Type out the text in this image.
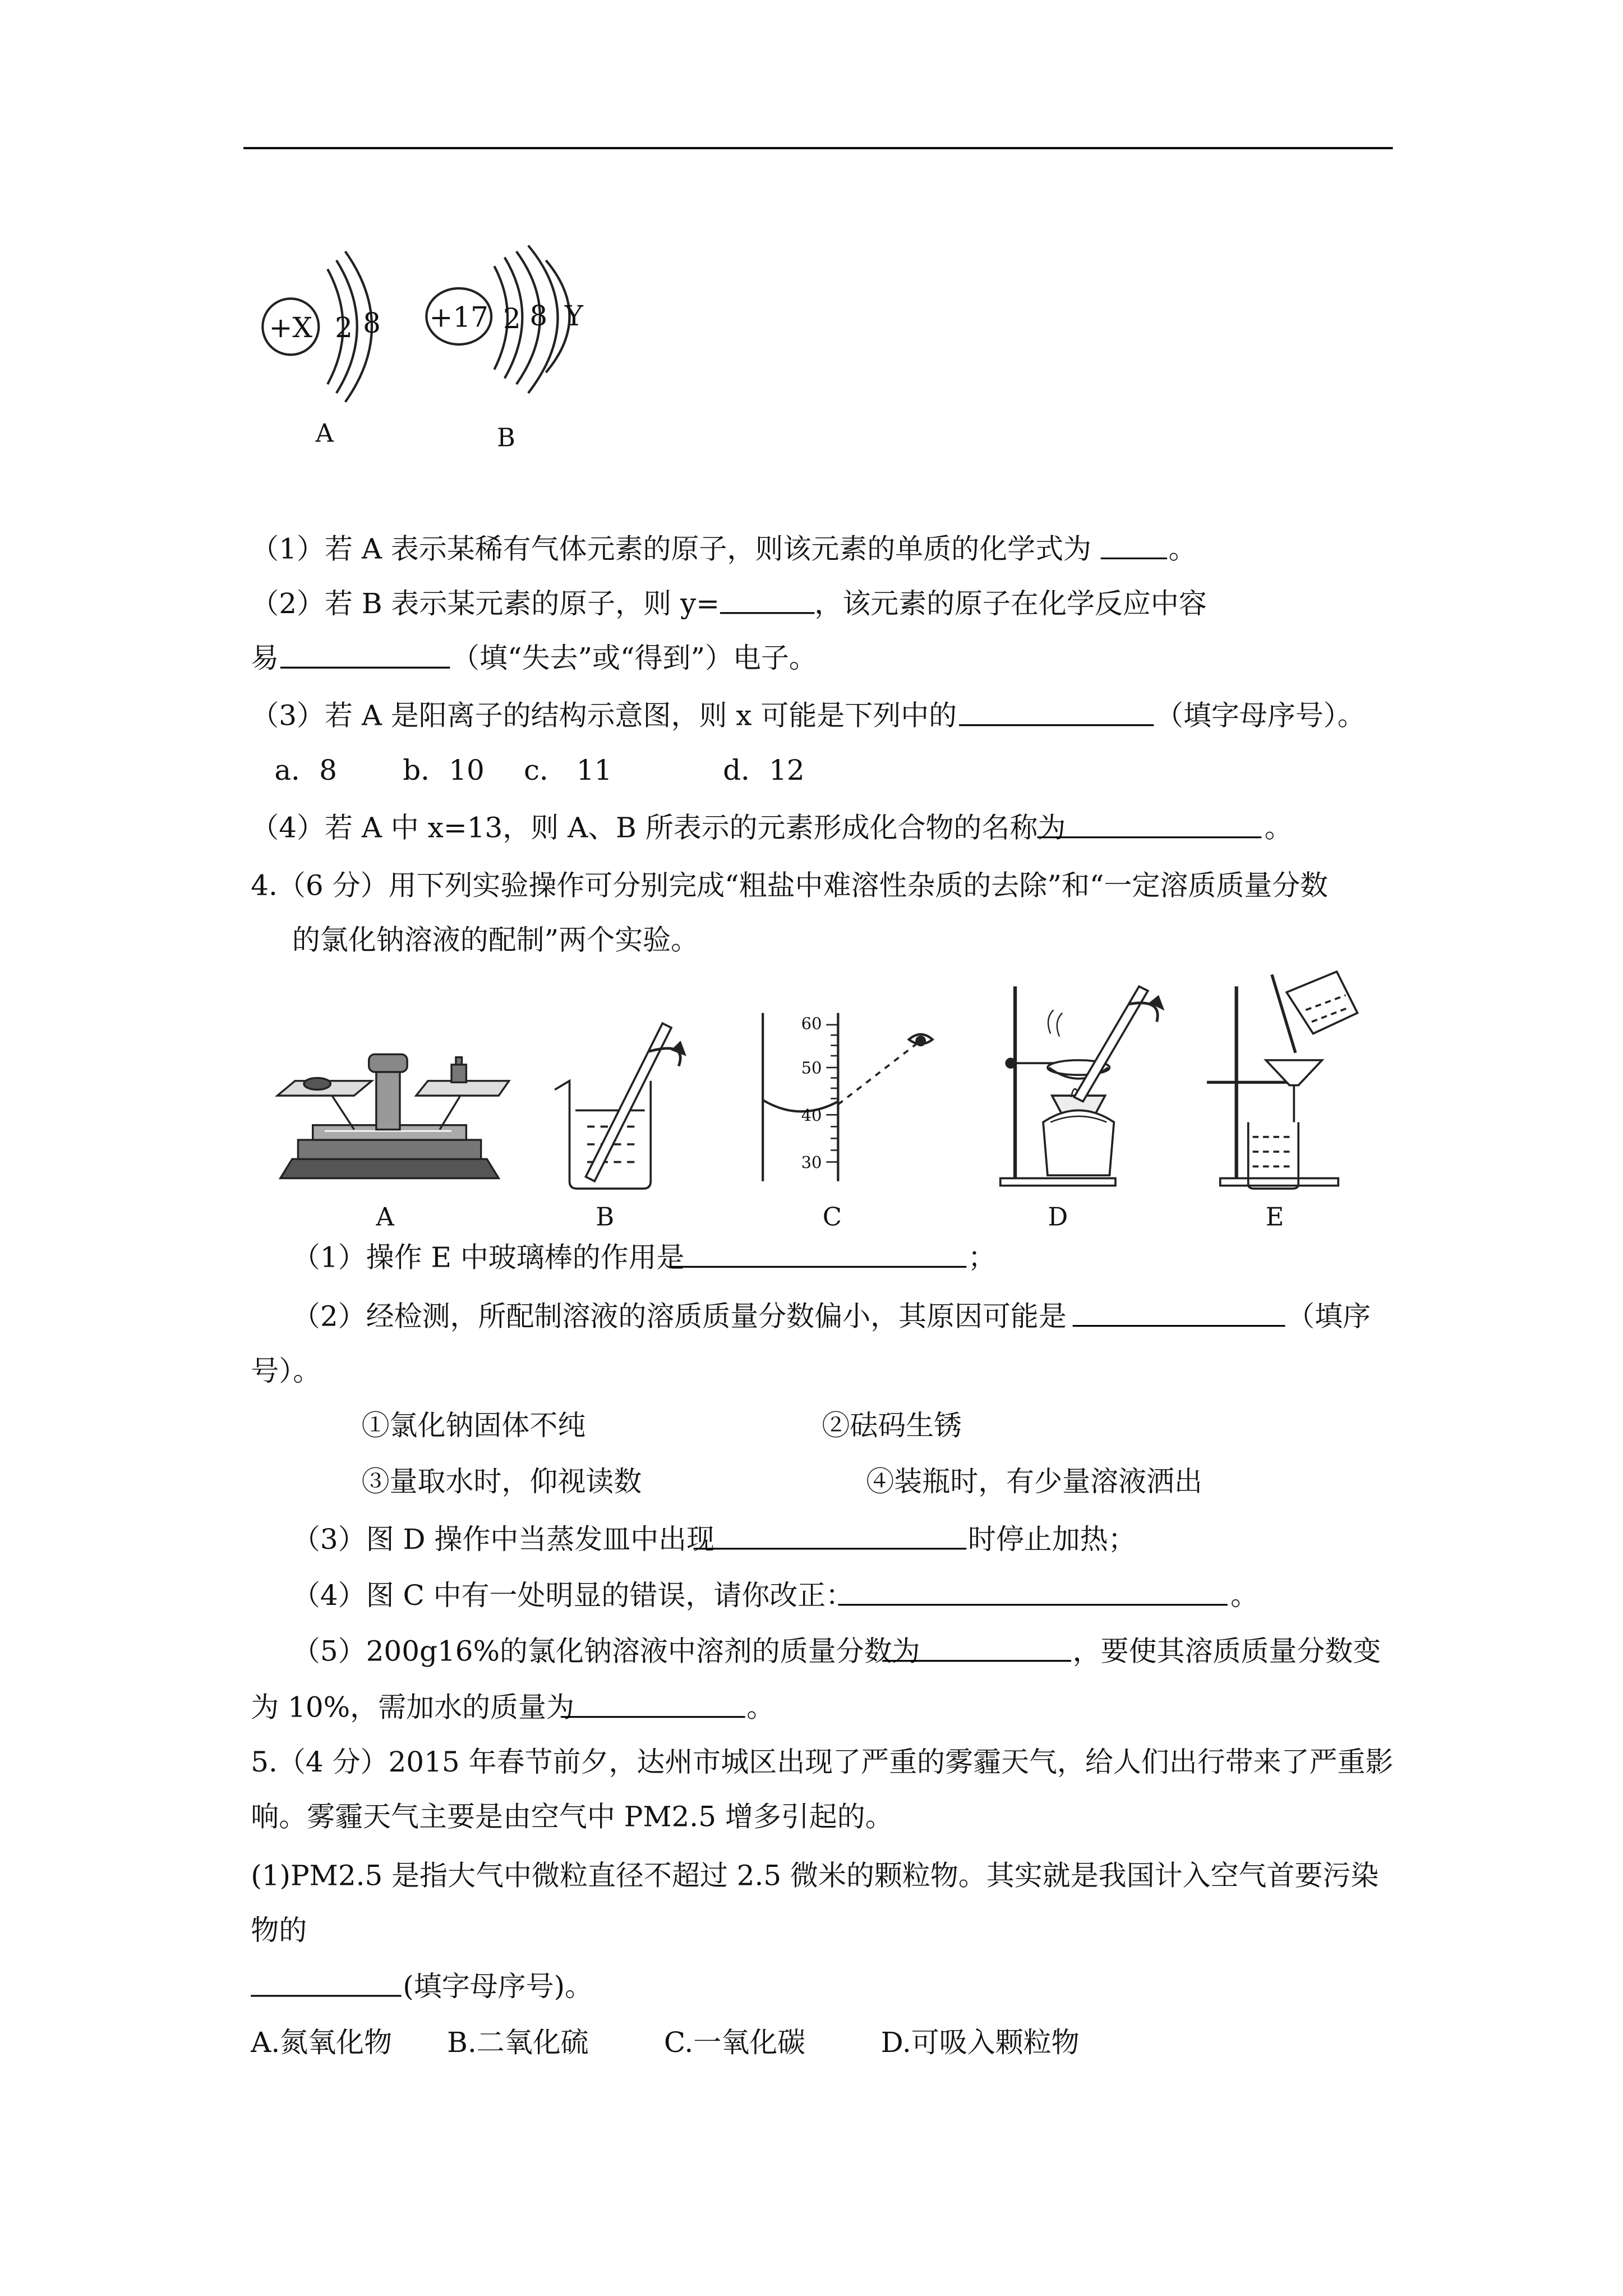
+X 2 8
A
+17 2 8 Y
B
（1）若 A 表示某稀有气体元素的原子，则该元素的单质的化学式为	。
（2）若 B 表示某元素的原子，则 y=	，该元素的原子在化学反应中容
易	（填“失去”或“得到”）电子。
（3）若 A 是阳离子的结构示意图，则 x 可能是下列中的	（填字母序号）。
a．8	b．10	c． 11	d．12
（4）若 A 中 x=13，则 A、B 所表示的元素形成化合物的名称为	。
4.（6 分）用下列实验操作可分别完成“粗盐中难溶性杂质的去除”和“一定溶质质量分数
的氯化钠溶液的配制”两个实验。
A	B
60
50
40
30
C	D	E
（1）操作 E 中玻璃棒的作用是	；
（2）经检测，所配制溶液的溶质质量分数偏小，其原因可能是	（填序
号）。
①氯化钠固体不纯	②砝码生锈
③量取水时，仰视读数	④装瓶时，有少量溶液洒出
（3）图 D 操作中当蒸发皿中出现	时停止加热；
（4）图 C 中有一处明显的错误，请你改正：	。
（5）200g16%的氯化钠溶液中溶剂的质量分数为	，要使其溶质质量分数变
为 10%，需加水的质量为	。
5.（4 分）2015 年春节前夕，达州市城区出现了严重的雾霾天气，给人们出行带来了严重影
响。雾霾天气主要是由空气中 PM2.5 增多引起的。
(1)PM2.5 是指大气中微粒直径不超过 2.5 微米的颗粒物。其实就是我国计入空气首要污染
物的
(填字母序号)。
A.氮氧化物	B.二氧化硫	C.一氧化碳	D.可吸入颗粒物
